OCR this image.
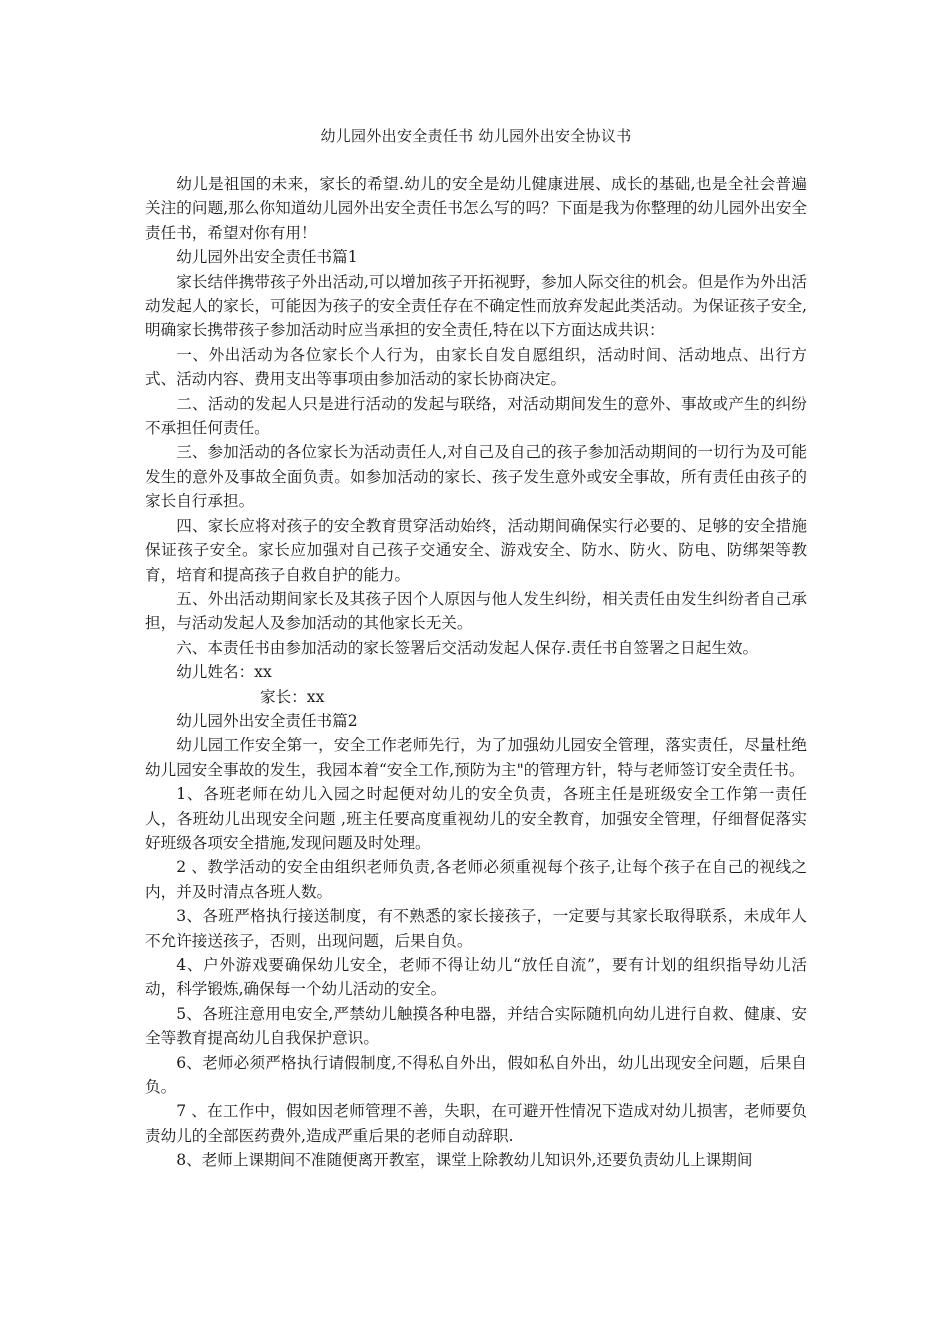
幼儿园外出安全责任书 幼儿园外出安全协议书

幼儿是祖国的未来，家长的希望.幼儿的安全是幼儿健康进展、成长的基础,也是全社会普遍关注的问题,那么你知道幼儿园外出安全责任书怎么写的吗？下面是我为你整理的幼儿园外出安全责任书，希望对你有用！

幼儿园外出安全责任书篇1

家长结伴携带孩子外出活动,可以增加孩子开拓视野，参加人际交往的机会。但是作为外出活动发起人的家长，可能因为孩子的安全责任存在不确定性而放弃发起此类活动。为保证孩子安全,明确家长携带孩子参加活动时应当承担的安全责任,特在以下方面达成共识：

一、外出活动为各位家长个人行为，由家长自发自愿组织，活动时间、活动地点、出行方式、活动内容、费用支出等事项由参加活动的家长协商决定。

二、活动的发起人只是进行活动的发起与联络，对活动期间发生的意外、事故或产生的纠纷不承担任何责任。

三、参加活动的各位家长为活动责任人,对自己及自己的孩子参加活动期间的一切行为及可能发生的意外及事故全面负责。如参加活动的家长、孩子发生意外或安全事故，所有责任由孩子的家长自行承担。

四、家长应将对孩子的安全教育贯穿活动始终，活动期间确保实行必要的、足够的安全措施保证孩子安全。家长应加强对自己孩子交通安全、游戏安全、防水、防火、防电、防绑架等教育，培育和提高孩子自救自护的能力。

五、外出活动期间家长及其孩子因个人原因与他人发生纠纷，相关责任由发生纠纷者自己承担，与活动发起人及参加活动的其他家长无关。

六、本责任书由参加活动的家长签署后交活动发起人保存.责任书自签署之日起生效。

幼儿姓名：xx

家长：xx

幼儿园外出安全责任书篇2

幼儿园工作安全第一，安全工作老师先行，为了加强幼儿园安全管理，落实责任，尽量杜绝幼儿园安全事故的发生，我园本着“安全工作,预防为主"的管理方针，特与老师签订安全责任书。

1、各班老师在幼儿入园之时起便对幼儿的安全负责，各班主任是班级安全工作第一责任人，各班幼儿出现安全问题 ,班主任要高度重视幼儿的安全教育，加强安全管理，仔细督促落实好班级各项安全措施,发现问题及时处理。

2 、教学活动的安全由组织老师负责,各老师必须重视每个孩子,让每个孩子在自己的视线之内，并及时清点各班人数。

3、各班严格执行接送制度，有不熟悉的家长接孩子，一定要与其家长取得联系，未成年人不允许接送孩子，否则，出现问题，后果自负。

4、户外游戏要确保幼儿安全，老师不得让幼儿“放任自流”，要有计划的组织指导幼儿活动，科学锻炼,确保每一个幼儿活动的安全。

5、各班注意用电安全,严禁幼儿触摸各种电器，并结合实际随机向幼儿进行自救、健康、安全等教育提高幼儿自我保护意识。

6、老师必须严格执行请假制度,不得私自外出，假如私自外出，幼儿出现安全问题，后果自负。

7 、在工作中，假如因老师管理不善，失职，在可避开性情况下造成对幼儿损害，老师要负责幼儿的全部医药费外,造成严重后果的老师自动辞职.

8、老师上课期间不准随便离开教室，课堂上除教幼儿知识外,还要负责幼儿上课期间
